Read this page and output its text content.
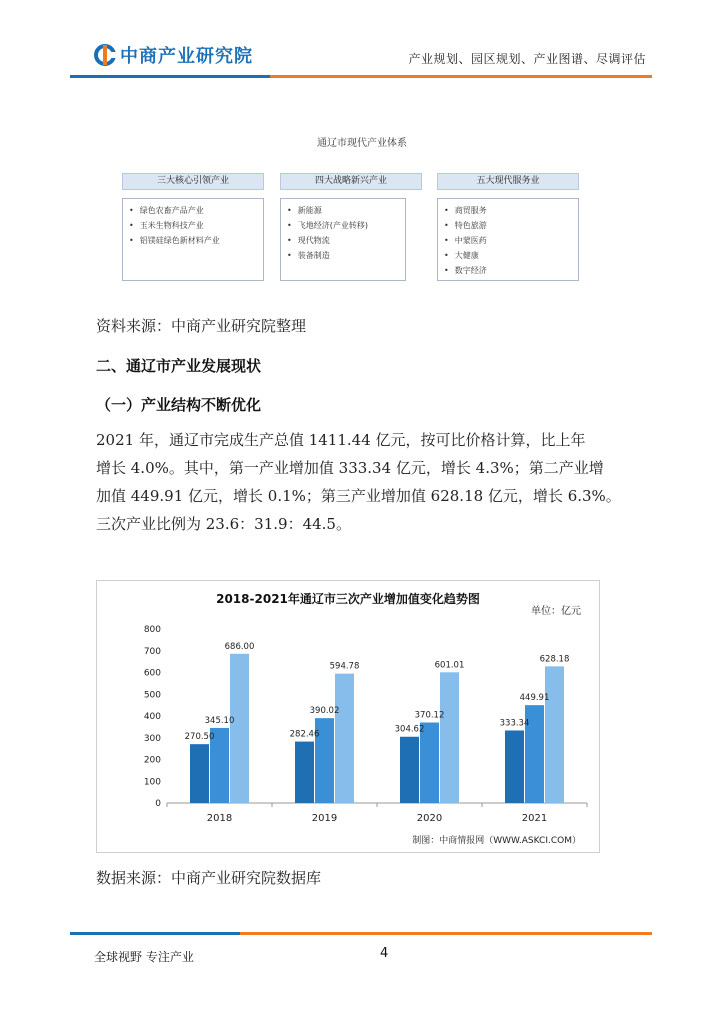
中商产业研究院	产业规划、园区规划、产业图谱、尽调评估
通辽市现代产业体系
三大核心引领产业
• 绿色农畜产品产业
• 玉米生物科技产业
• 铝镁硅绿色新材料产业
四大战略新兴产业
• 新能源
• 飞地经济(产业转移)
• 现代物流
• 装备制造
五大现代服务业
• 商贸服务
• 特色旅游
• 中蒙医药
• 大健康
• 数字经济
资料来源：中商产业研究院整理
二、通辽市产业发展现状
（一）产业结构不断优化
2021 年，通辽市完成生产总值 1411.44 亿元，按可比价格计算，比上年
增长 4.0%。其中，第一产业增加值 333.34 亿元，增长 4.3%；第二产业增
加值 449.91 亿元，增长 0.1%；第三产业增加值 628.18 亿元，增长 6.3%。
三次产业比例为 23.6：31.9：44.5。
2018-2021年通辽市三次产业增加值变化趋势图
单位：亿元
0
100
200
300
400
500
600
700
800
2018	2019	2020	2021
270.50
345.10
686.00
282.46
390.02
594.78
304.62
370.12
601.01
333.34
449.91
628.18
制图：中商情报网（WWW.ASKCI.COM）
数据来源：中商产业研究院数据库
全球视野 专注产业	4
